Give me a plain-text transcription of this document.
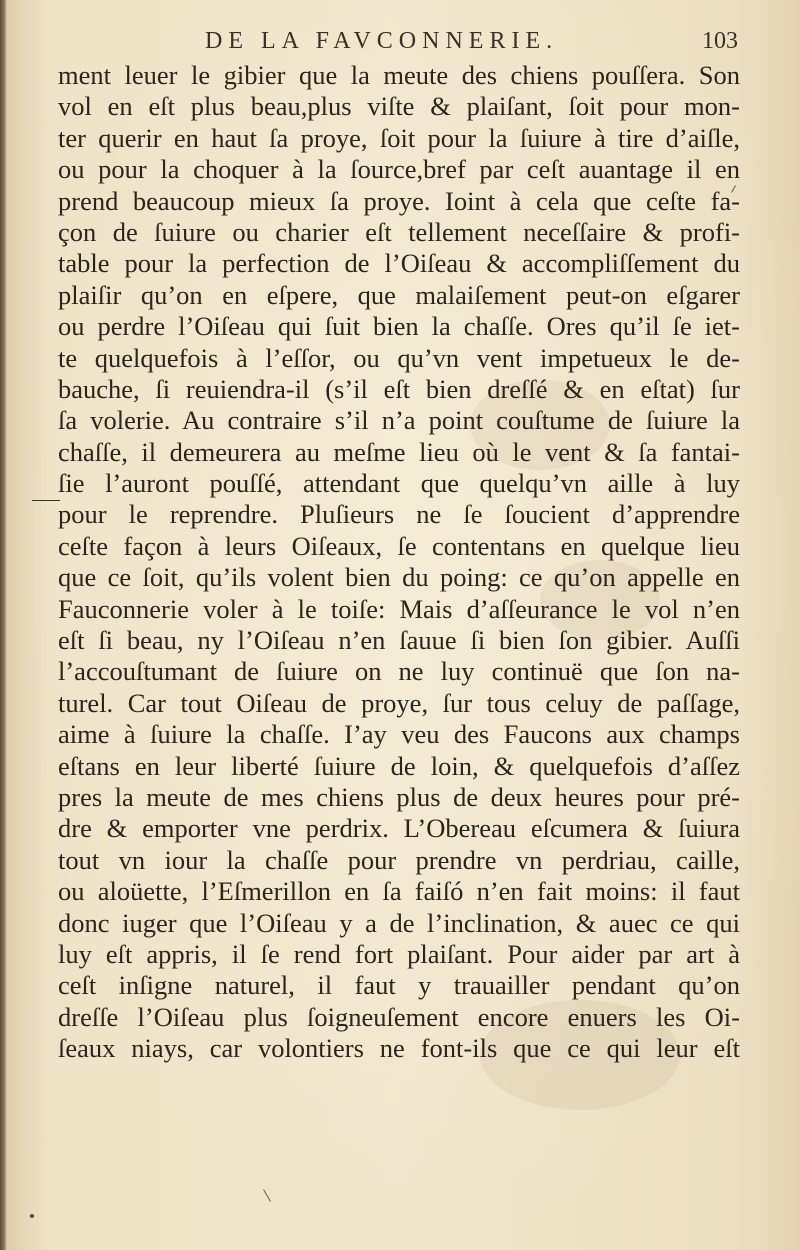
DE LA FAVCONNERIE.	103
ment leuer le gibier que la meute des chiens pouſſera. Son
vol en eſt plus beau,plus viſte & plaiſant, ſoit pour mon-
ter querir en haut ſa proye, ſoit pour la ſuiure à tire d’aiſle,
ou pour la choquer à la ſource,bref par ceſt auantage il en
prend beaucoup mieux ſa proye. Ioint à cela que ceſte fa-
çon de ſuiure ou charier eſt tellement neceſſaire & profi-
table pour la perfection de l’Oiſeau & accompliſſement du
plaiſir qu’on en eſpere, que malaiſement peut-on eſgarer
ou perdre l’Oiſeau qui ſuit bien la chaſſe. Ores qu’il ſe iet-
te quelquefois à l’eſſor, ou qu’vn vent impetueux le de-
bauche, ſi reuiendra-il (s’il eſt bien dreſſé & en eſtat) ſur
ſa volerie. Au contraire s’il n’a point couſtume de ſuiure la
chaſſe, il demeurera au meſme lieu où le vent & ſa fantai-
ſie l’auront pouſſé, attendant que quelqu’vn aille à luy
pour le reprendre. Pluſieurs ne ſe ſoucient d’apprendre
ceſte façon à leurs Oiſeaux, ſe contentans en quelque lieu
que ce ſoit, qu’ils volent bien du poing: ce qu’on appelle en
Fauconnerie voler à le toiſe: Mais d’aſſeurance le vol n’en
eſt ſi beau, ny l’Oiſeau n’en ſauue ſi bien ſon gibier. Auſſi
l’accouſtumant de ſuiure on ne luy continuë que ſon na-
turel. Car tout Oiſeau de proye, ſur tous celuy de paſſage,
aime à ſuiure la chaſſe. I’ay veu des Faucons aux champs
eſtans en leur liberté ſuiure de loin, & quelquefois d’aſſez
pres la meute de mes chiens plus de deux heures pour pré-
dre & emporter vne perdrix. L’Obereau eſcumera & ſuiura
tout vn iour la chaſſe pour prendre vn perdriau, caille,
ou aloüette, l’Eſmerillon en ſa faiſó n’en fait moins: il faut
donc iuger que l’Oiſeau y a de l’inclination, & auec ce qui
luy eſt appris, il ſe rend fort plaiſant. Pour aider par art à
ceſt inſigne naturel, il faut y trauailler pendant qu’on
dreſſe l’Oiſeau plus ſoigneuſement encore enuers les Oi-
ſeaux niays, car volontiers ne font-ils que ce qui leur eſt
